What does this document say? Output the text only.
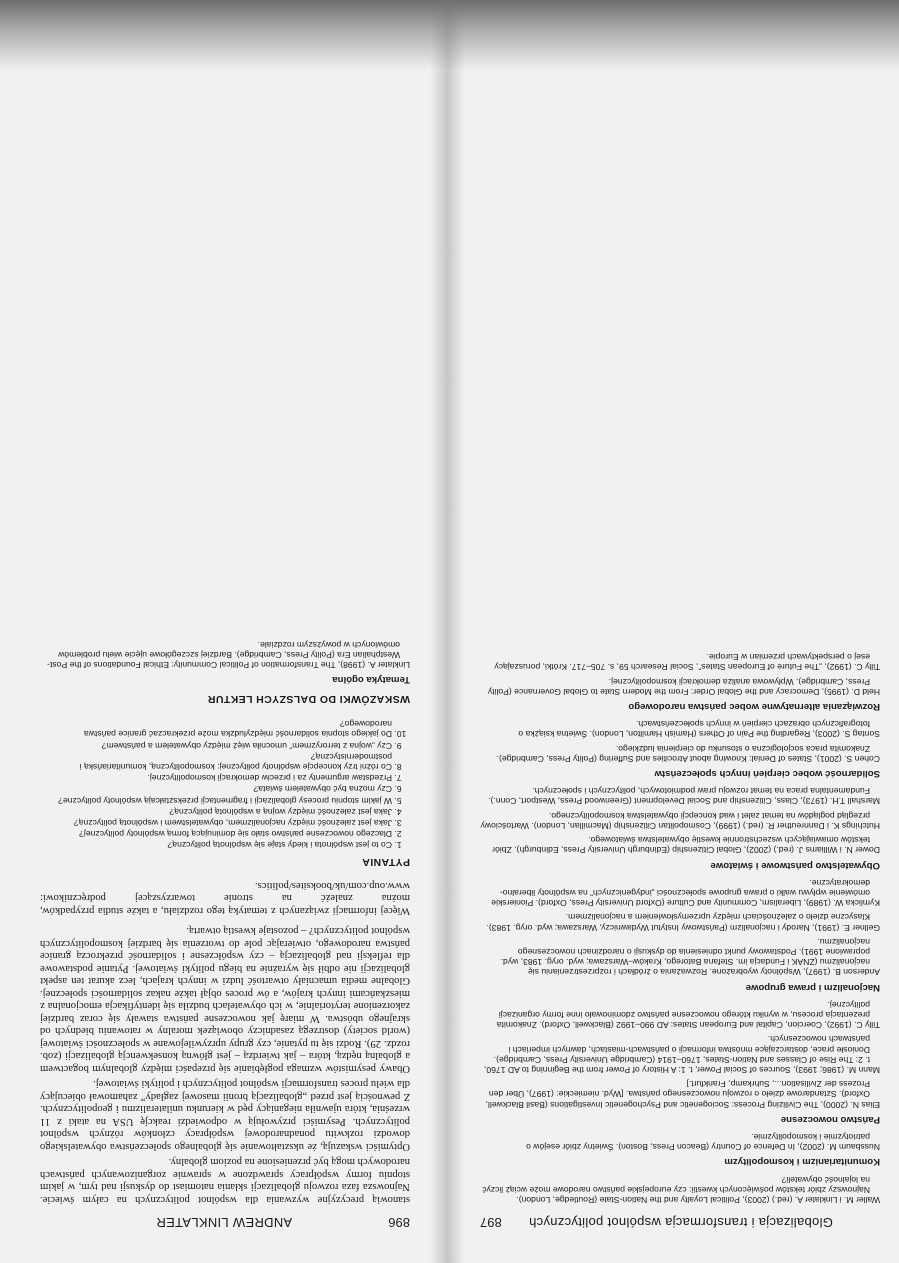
896
ANDREW LINKLATER

stanowią precyzyjne wyzwania dla wspólnot politycznych na całym świecie. Najnowsza faza rozwoju globalizacji skłania natomiast do dyskusji nad tym, w jakim stopniu formy współpracy sprawdzone w sprawnie zorganizowanych państwach narodowych mogą być przeniesione na poziom globalny.

Optymiści wskazują, że ukształtowanie się globalnego społeczeństwa obywatelskiego dowodzi rozkwitu ponadnarodowej współpracy członków różnych wspólnot politycznych. Pesymiści przywołują w odpowiedzi reakcję USA na ataki z 11 września, która ujawniła nieganiący pęd w kierunku unilateralizmu i geopolitycznych. Z pewnością jest przed „globalizacją bronii masowej zagłady” zahamował obiecujący dla wielu proces transformacji wspólnot politycznych i polityki światowej.

Obawy pesymistów wzmaga pogłębianie się przepaści między globalnym bogactwem a globalną nędzą, która – jak twierdzą – jest główną konsekwencją globalizacji (zob. rozdz. 29). Rodzi się tu pytanie, czy grupy uprzywilejowane w społeczności światowej (world society) dostrzegą zasadniczy obowiązek moralny w ratowaniu biednych od skrajnego ubóstwa. W miarę jak nowoczesne państwa stawały się coraz bardziej zakorzenione terytorialnie, w ich obywatelach budziła się identyfikacja emocjonalna z mieszkańcami innych krajów, a ów proces objął także nakaz solidarności społecznej. Globalne media umacniały otwartość ludzi w innych krajach, lecz akurat ten aspekt globalizacji nie odbił się wyraźnie na biegu polityki światowej. Pytanie podstawowe dla refleksji nad globalizacją – czy współczesne i solidarność przekroczą granice państwa narodowego, otwierając pole do tworzenia się bardziej kosmopolitycznych wspólnot politycznych? – pozostaje kwestią otwartą.

Więcej informacji związanych z tematyką tego rozdziału, a także studia przypadków, można znaleźć na stronie towarzyszącej podręcznikowi: www.oup.com/uk/booksites/politics.

PYTANIA
1. Co to jest wspólnota i kiedy staje się wspólnotą polityczną?
2. Dlaczego nowoczesne państwo stało się dominującą formą wspólnoty politycznej?
3. Jaka jest zależność między nacjonalizmem, obywatelstwem i wspólnotą polityczną?
4. Jaka jest zależność między wojną a wspólnotą polityczną?
5. W jakim stopniu procesy globalizacji i fragmentacji przekształcają wspólnoty polityczne?
6. Czy można być obywatelem świata?
7. Przedstaw argumenty za i przeciw demokracji kosmopolitycznej.
8. Co różni trzy koncepcje wspólnoty politycznej: kosmopolityczną, komunitariańską i postmodernistyczną?
9. Czy „wojna z terroryzmem” umocniła więź między obywatelem a państwem?
10. Do jakiego stopnia solidarność międzyludzka może przekraczać granice państwa narodowego?
WSKAZÓWKI DO DALSZYCH LEKTUR
Tematyka ogólna
Linklater A. (1998), The Transformation of Political Community: Ethical Foundations of the Post-Westphalian Era (Polity Press, Cambridge). Bardziej szczegółowe ujęcie wielu problemów omówionych w powyższym rozdziale.
Globalizacja i transformacja wspólnot politycznych
897
Waller M. i Linklater A. (red.) (2003), Political Loyalty and the Nation-State (Routledge, London). Najnowszy zbiór tekstów poświęconych kwestii: czy europejskie państwo narodowe może wciąż liczyć na lojalność obywateli?
Komunitarianizm i kosmopolityzm
Nussbaum M. (2002), In Defence of Country (Beacon Press, Boston). Świetny zbiór esejów o patriotyzmie i kosmopolityzmie.
Państwo nowoczesne
Elias N. (2000), The Civilizing Process: Sociogenetic and Psychogenetic Investigations (Basil Blackwell, Oxford). Sztandarowe dzieło o rozwoju nowoczesnego państwa. [Wyd. niemieckie: (1997), Über den Prozess der Zivilisation..., Suhrkamp, Frankfurt.]
Mann M. (1986; 1993), Sources of Social Power, t. 1: A History of Power from the Beginning to AD 1760, t. 2: The Rise of Classes and Nation-States, 1760–1914 (Cambridge University Press, Cambridge). Doniosłe prace, dostarczające mnóstwa informacji o państwach-miastach, dawnych imperiach i państwach nowoczesnych.
Tilly C. (1992), Coercion, Capital and European States: AD 990–1992 (Blackwell, Oxford). Znakomita prezentacja procesu, w wyniku którego nowoczesne państwo zdominowało inne formy organizacji politycznej.
Nacjonalizm i prawa grupowe
Anderson B. (1997), Wspólnoty wyobrażone. Rozważania o źródłach i rozprzestrzenianiu się nacjonalizmu (ZNAK i Fundacja im. Stefana Batorego, Kraków–Warszawa; wyd. oryg. 1983, wyd. poprawione 1991). Podstawowy punkt odniesienia do dyskusji o narodzinach nowoczesnego nacjonalizmu.
Gellner E. (1991), Narody i nacjonalizm (Państwowy Instytut Wydawniczy, Warszawa; wyd. oryg. 1983). Klasyczne dzieło o zależnościach między uprzemysłowieniem a nacjonalizmem.
Kymlicka W. (1989), Liberalism, Community and Culture (Oxford University Press, Oxford). Pionierskie omówienie wpływu walki o prawa grupowe społeczności „indygenicznych” na wspólnoty liberalno-demokratyczne.
Obywatelstwo państwowe i światowe
Dower N. i Williams J. (red.) (2002), Global Citizenship (Edinburgh University Press, Edinburgh). Zbiór tekstów omawiających wszechstronnie kwestię obywatelstwa światowego.
Hutchings K. i Dannreuther R. (red.) (1999), Cosmopolitan Citizenship (Macmillan, London). Wartościowy przegląd poglądów na temat zalet i wad koncepcji obywatelstwa kosmopolitycznego.
Marshall T.H. (1973), Class, Citizenship and Social Development (Greenwood Press, Westport, Conn.). Fundamentalna praca na temat rozwoju praw podmiotowych, politycznych i społecznych.
Solidarność wobec cierpień innych społeczeństw
Cohen S. (2001), States of Denial: Knowing about Atrocities and Suffering (Polity Press, Cambridge). Znakomita praca socjologiczna o stosunku do cierpienia ludzkiego.
Sontag S. (2003), Regarding the Pain of Others (Hamish Hamilton, London). Świetna książka o fotograficznych obrazach cierpień w innych społeczeństwach.
Rozwiązania alternatywne wobec państwa narodowego
Held D. (1995), Democracy and the Global Order: From the Modern State to Global Governance (Polity Press, Cambridge). Wpływowa analiza demokracji kosmopolitycznej.
Tilly C. (1992), „The Future of European States”, Social Research 59, s. 705–717. Krótki, poruszający esej o perspektywach przemian w Europie.
